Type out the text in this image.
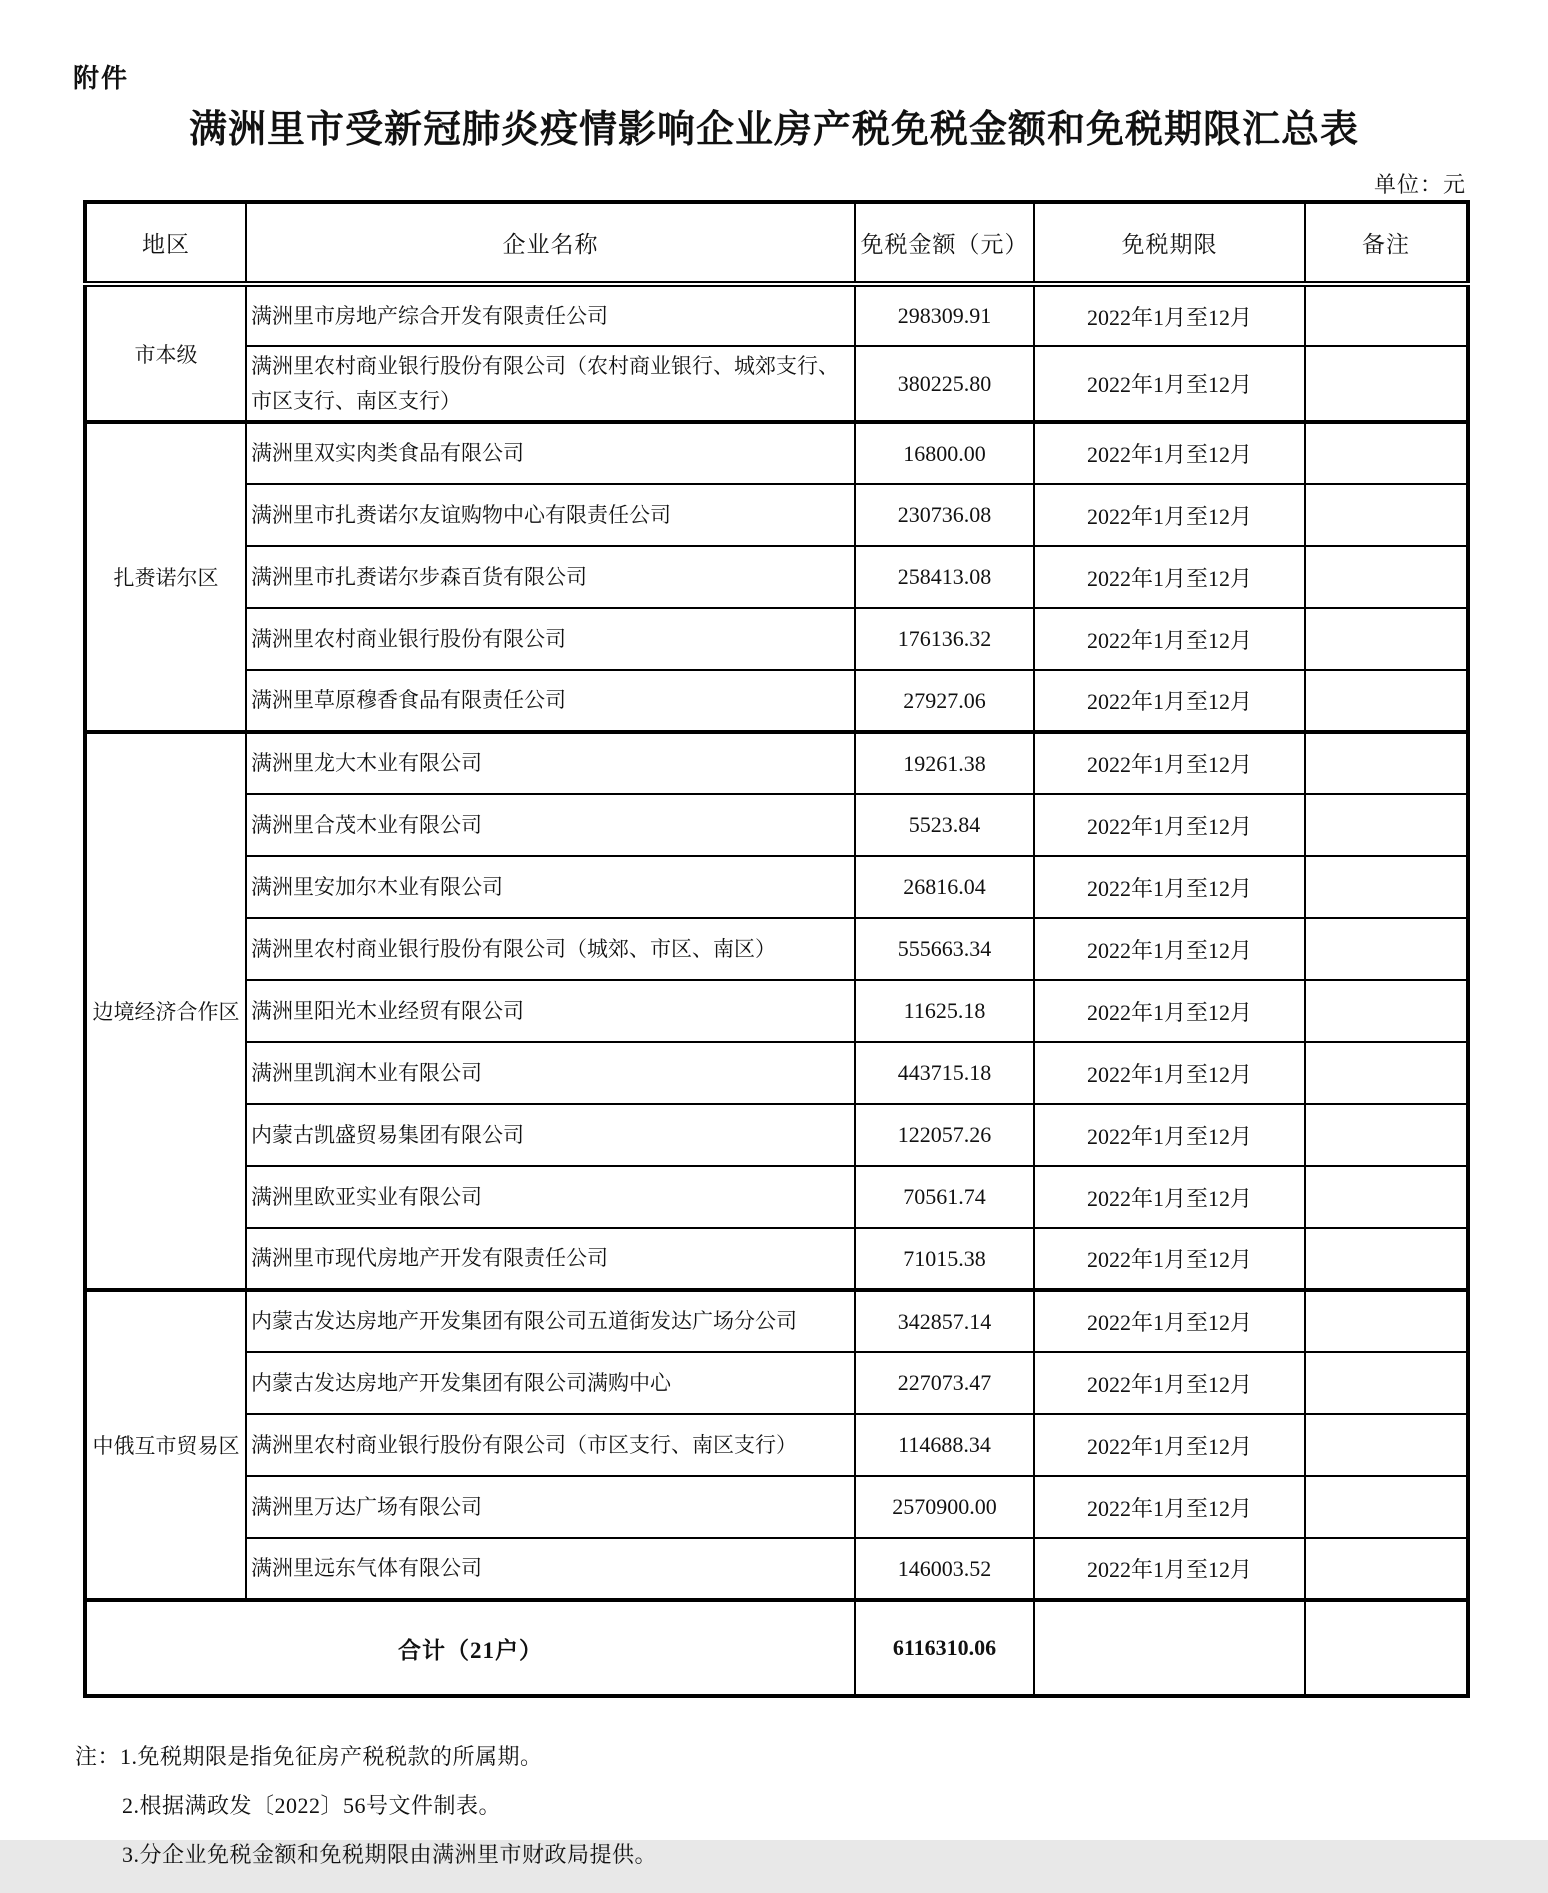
附件
满洲里市受新冠肺炎疫情影响企业房产税免税金额和免税期限汇总表
单位：元
地区	企业名称	免税金额（元）	免税期限	备注
市本级	满洲里市房地产综合开发有限责任公司	298309.91	2022年1月至12月	
	满洲里农村商业银行股份有限公司（农村商业银行、城郊支行、市区支行、南区支行）	380225.80	2022年1月至12月	
扎赉诺尔区	满洲里双实肉类食品有限公司	16800.00	2022年1月至12月	
	满洲里市扎赉诺尔友谊购物中心有限责任公司	230736.08	2022年1月至12月	
	满洲里市扎赉诺尔步森百货有限公司	258413.08	2022年1月至12月	
	满洲里农村商业银行股份有限公司	176136.32	2022年1月至12月	
	满洲里草原穆香食品有限责任公司	27927.06	2022年1月至12月	
边境经济合作区	满洲里龙大木业有限公司	19261.38	2022年1月至12月	
	满洲里合茂木业有限公司	5523.84	2022年1月至12月	
	满洲里安加尔木业有限公司	26816.04	2022年1月至12月	
	满洲里农村商业银行股份有限公司（城郊、市区、南区）	555663.34	2022年1月至12月	
	满洲里阳光木业经贸有限公司	11625.18	2022年1月至12月	
	满洲里凯润木业有限公司	443715.18	2022年1月至12月	
	内蒙古凯盛贸易集团有限公司	122057.26	2022年1月至12月	
	满洲里欧亚实业有限公司	70561.74	2022年1月至12月	
	满洲里市现代房地产开发有限责任公司	71015.38	2022年1月至12月	
中俄互市贸易区	内蒙古发达房地产开发集团有限公司五道街发达广场分公司	342857.14	2022年1月至12月	
	内蒙古发达房地产开发集团有限公司满购中心	227073.47	2022年1月至12月	
	满洲里农村商业银行股份有限公司（市区支行、南区支行）	114688.34	2022年1月至12月	
	满洲里万达广场有限公司	2570900.00	2022年1月至12月	
	满洲里远东气体有限公司	146003.52	2022年1月至12月	
合计（21户）		6116310.06		
注：1.免税期限是指免征房产税税款的所属期。
2.根据满政发〔2022〕56号文件制表。
3.分企业免税金额和免税期限由满洲里市财政局提供。
